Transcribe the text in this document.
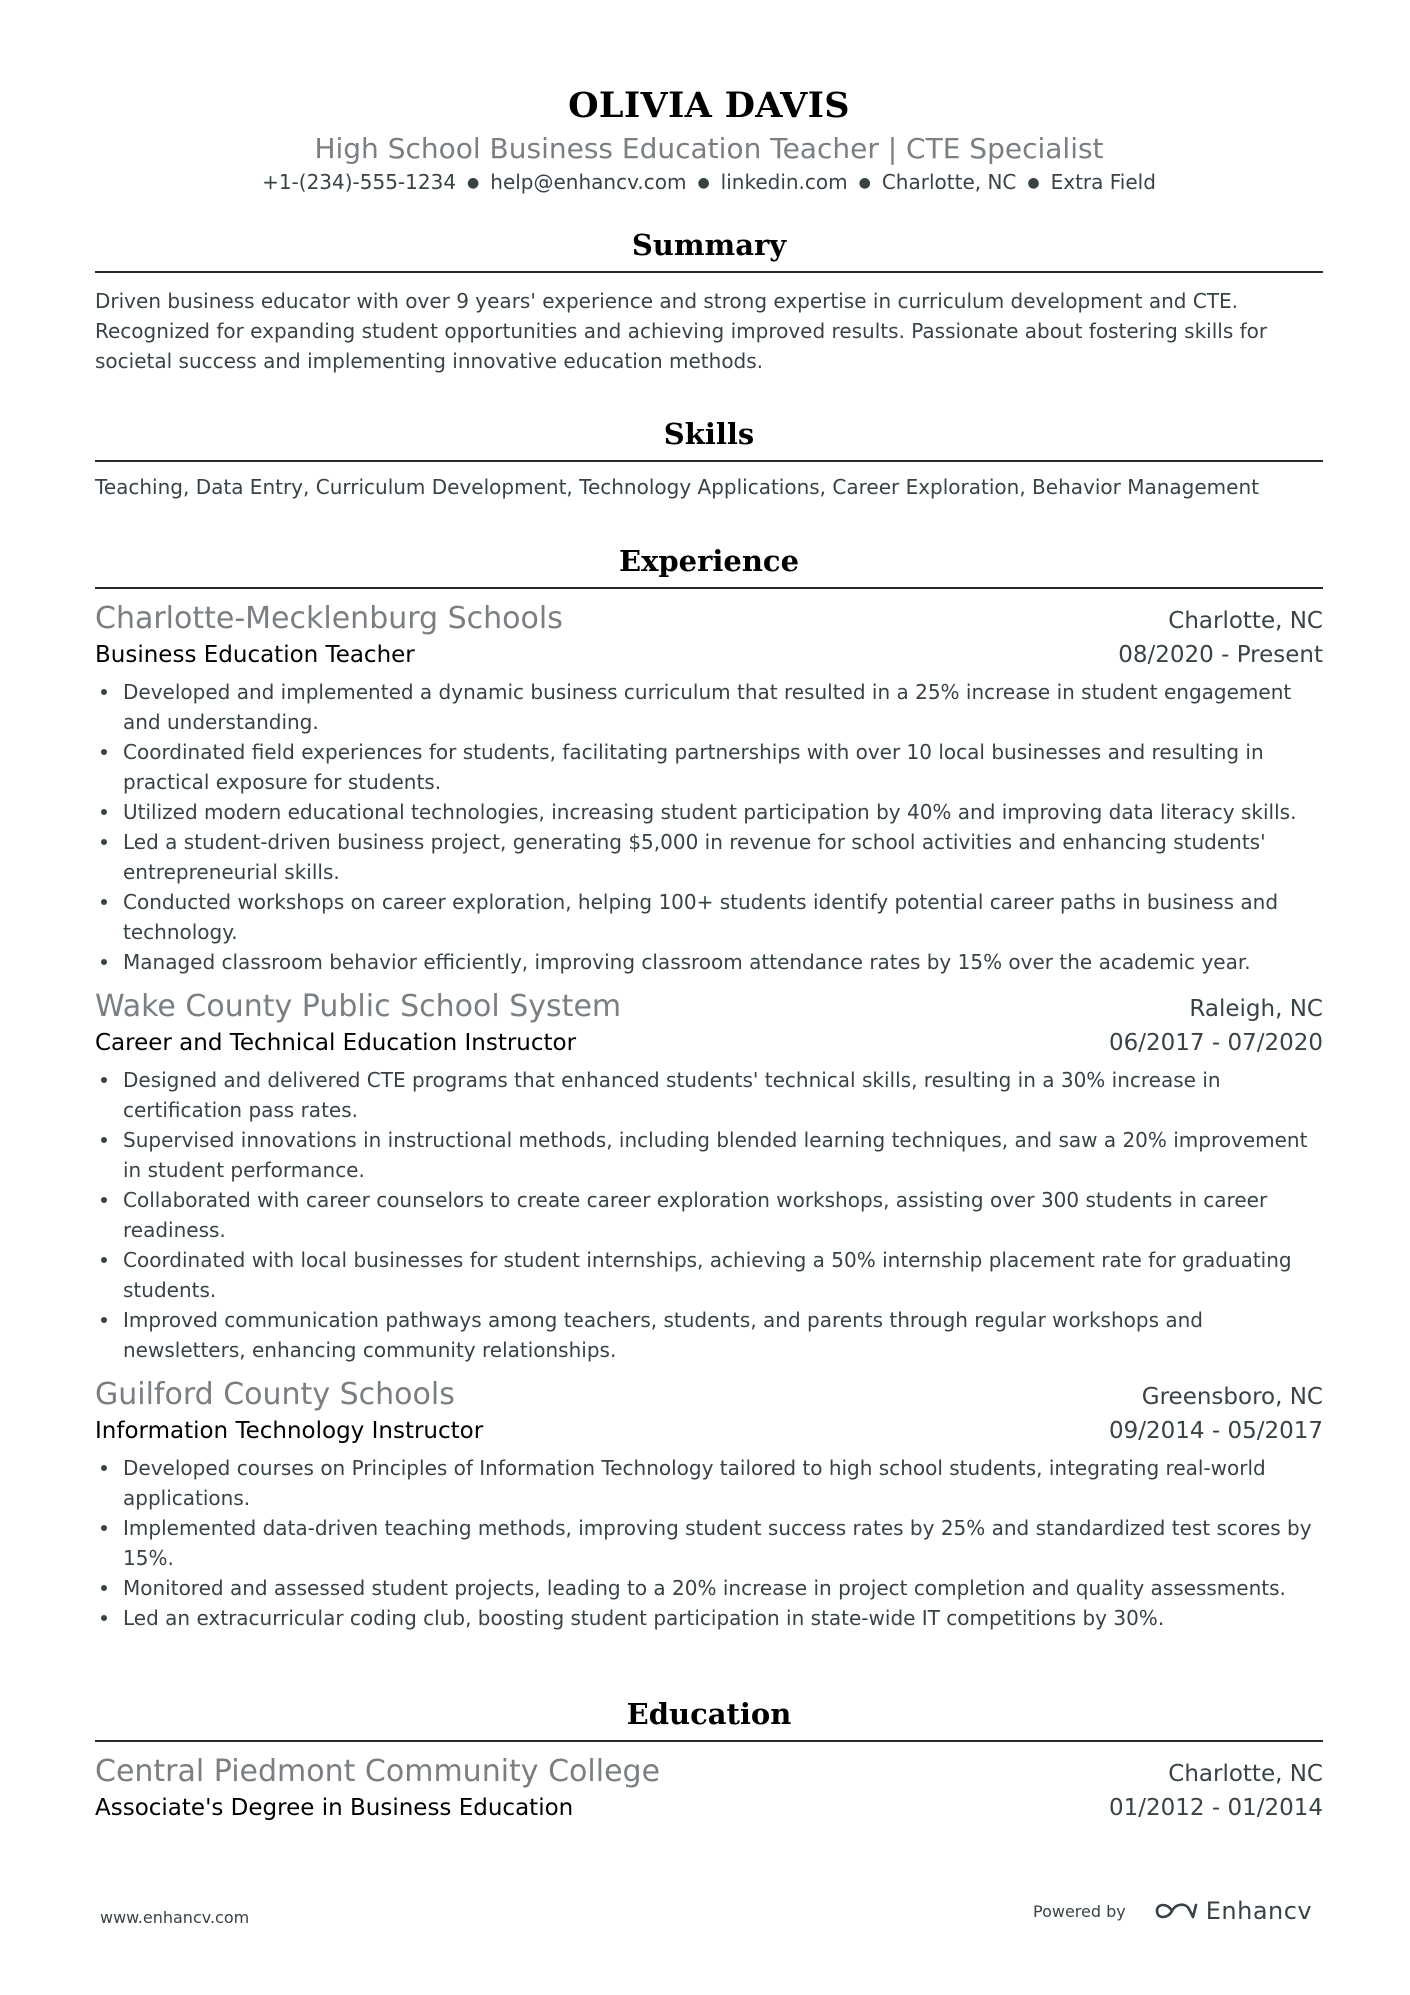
OLIVIA DAVIS
High School Business Education Teacher | CTE Specialist
+1-(234)-555-1234 ● help@enhancv.com ● linkedin.com ● Charlotte, NC ● Extra Field
Summary

Driven business educator with over 9 years' experience and strong expertise in curriculum development and CTE. Recognized for expanding student opportunities and achieving improved results. Passionate about fostering skills for societal success and implementing innovative education methods.

Skills

Teaching, Data Entry, Curriculum Development, Technology Applications, Career Exploration, Behavior Management

Experience
Charlotte-Mecklenburg Schools	Charlotte, NC
Business Education Teacher	08/2020 - Present
Developed and implemented a dynamic business curriculum that resulted in a 25% increase in student engagement and understanding.
Coordinated field experiences for students, facilitating partnerships with over 10 local businesses and resulting in practical exposure for students.
Utilized modern educational technologies, increasing student participation by 40% and improving data literacy skills.
Led a student-driven business project, generating $5,000 in revenue for school activities and enhancing students' entrepreneurial skills.
Conducted workshops on career exploration, helping 100+ students identify potential career paths in business and technology.
Managed classroom behavior efficiently, improving classroom attendance rates by 15% over the academic year.
Wake County Public School System	Raleigh, NC
Career and Technical Education Instructor	06/2017 - 07/2020
Designed and delivered CTE programs that enhanced students' technical skills, resulting in a 30% increase in certification pass rates.
Supervised innovations in instructional methods, including blended learning techniques, and saw a 20% improvement in student performance.
Collaborated with career counselors to create career exploration workshops, assisting over 300 students in career readiness.
Coordinated with local businesses for student internships, achieving a 50% internship placement rate for graduating students.
Improved communication pathways among teachers, students, and parents through regular workshops and newsletters, enhancing community relationships.
Guilford County Schools	Greensboro, NC
Information Technology Instructor	09/2014 - 05/2017
Developed courses on Principles of Information Technology tailored to high school students, integrating real-world applications.
Implemented data-driven teaching methods, improving student success rates by 25% and standardized test scores by 15%.
Monitored and assessed student projects, leading to a 20% increase in project completion and quality assessments.
Led an extracurricular coding club, boosting student participation in state-wide IT competitions by 30%.
Education
Central Piedmont Community College	Charlotte, NC
Associate's Degree in Business Education	01/2012 - 01/2014
www.enhancv.com	Powered by	Enhancv
